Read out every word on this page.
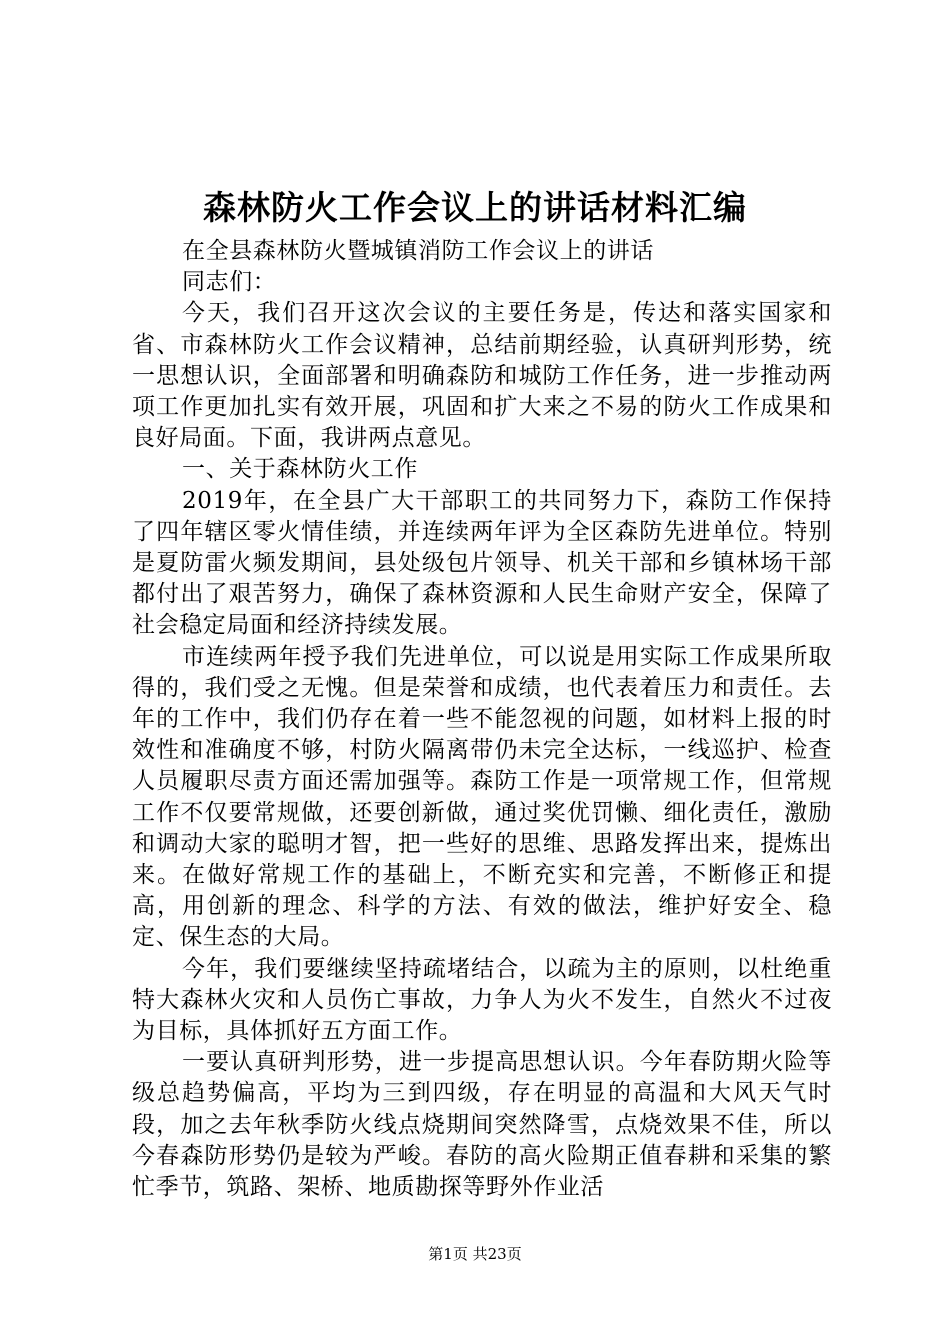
森林防火工作会议上的讲话材料汇编

在全县森林防火暨城镇消防工作会议上的讲话

同志们：

今天，我们召开这次会议的主要任务是，传达和落实国家和省、市森林防火工作会议精神，总结前期经验，认真研判形势，统一思想认识，全面部署和明确森防和城防工作任务，进一步推动两项工作更加扎实有效开展，巩固和扩大来之不易的防火工作成果和良好局面。下面，我讲两点意见。

一、关于森林防火工作

2019年，在全县广大干部职工的共同努力下，森防工作保持了四年辖区零火情佳绩，并连续两年评为全区森防先进单位。特别是夏防雷火频发期间，县处级包片领导、机关干部和乡镇林场干部都付出了艰苦努力，确保了森林资源和人民生命财产安全，保障了社会稳定局面和经济持续发展。

市连续两年授予我们先进单位，可以说是用实际工作成果所取得的，我们受之无愧。但是荣誉和成绩，也代表着压力和责任。去年的工作中，我们仍存在着一些不能忽视的问题，如材料上报的时效性和准确度不够，村防火隔离带仍未完全达标，一线巡护、检查人员履职尽责方面还需加强等。森防工作是一项常规工作，但常规工作不仅要常规做，还要创新做，通过奖优罚懒、细化责任，激励和调动大家的聪明才智，把一些好的思维、思路发挥出来，提炼出来。在做好常规工作的基础上，不断充实和完善，不断修正和提高，用创新的理念、科学的方法、有效的做法，维护好安全、稳定、保生态的大局。

今年，我们要继续坚持疏堵结合，以疏为主的原则，以杜绝重特大森林火灾和人员伤亡事故，力争人为火不发生，自然火不过夜为目标，具体抓好五方面工作。

一要认真研判形势，进一步提高思想认识。今年春防期火险等级总趋势偏高，平均为三到四级，存在明显的高温和大风天气时段，加之去年秋季防火线点烧期间突然降雪，点烧效果不佳，所以今春森防形势仍是较为严峻。春防的高火险期正值春耕和采集的繁忙季节，筑路、架桥、地质勘探等野外作业活

第1页 共23页
